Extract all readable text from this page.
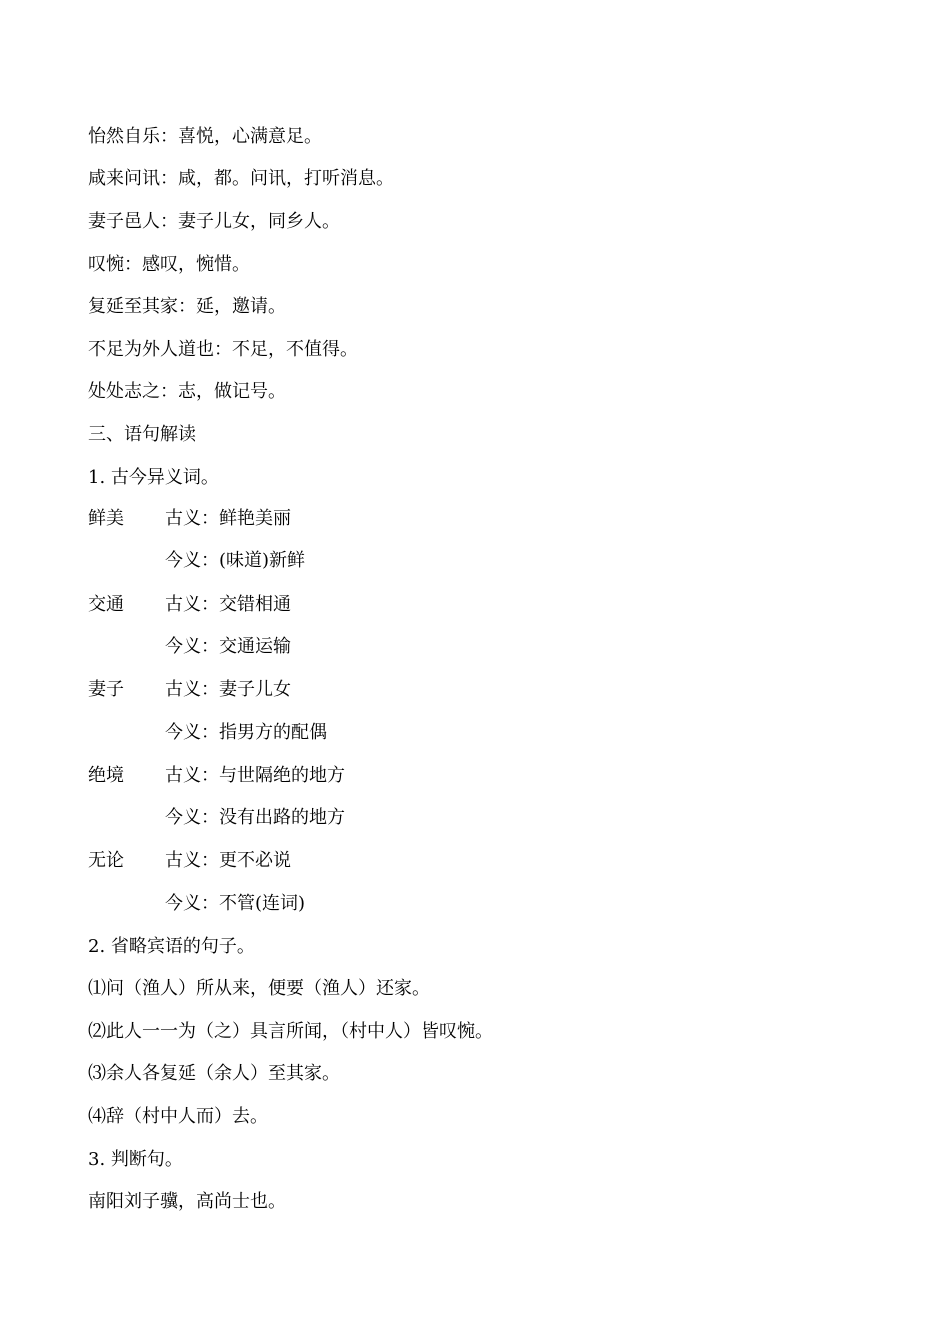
怡然自乐：喜悦，心满意足。
咸来问讯：咸，都。问讯，打听消息。
妻子邑人：妻子儿女，同乡人。
叹惋：感叹，惋惜。
复延至其家：延，邀请。
不足为外人道也：不足，不值得。
处处志之：志，做记号。
三、语句解读
1. 古今异义词。
鲜美 古义：鲜艳美丽
今义：(味道)新鲜
交通 古义：交错相通
今义：交通运输
妻子 古义：妻子儿女
今义：指男方的配偶
绝境 古义：与世隔绝的地方
今义：没有出路的地方
无论 古义：更不必说
今义：不管(连词)
2. 省略宾语的句子。
⑴问（渔人）所从来，便要（渔人）还家。
⑵此人一一为（之）具言所闻，（村中人）皆叹惋。
⑶余人各复延（余人）至其家。
⑷辞（村中人而）去。
3. 判断句。
南阳刘子骥，高尚士也。
